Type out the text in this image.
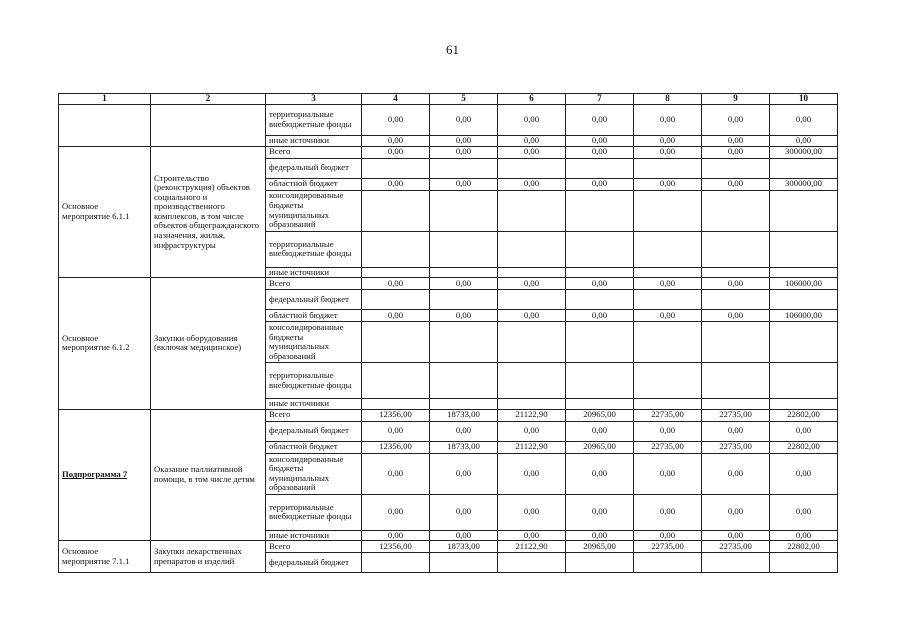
61
1	2	3	4	5	6	7	8	9	10
		территориальные внебюджетные фонды	0,00	0,00	0,00	0,00	0,00	0,00	0,00
		иные источники	0,00	0,00	0,00	0,00	0,00	0,00	0,00
Основное мероприятие 6.1.1	Строительство (реконструкция) объектов социального и производственного комплексов, в том числе объектов общегражданского назначения, жилья, инфраструктуры	Всего	0,00	0,00	0,00	0,00	0,00	0,00	300000,00
		федеральный бюджет							
		областной бюджет	0,00	0,00	0,00	0,00	0,00	0,00	300000,00
		консолидированные бюджеты муниципальных образований							
		территориальные внебюджетные фонды							
		иные источники							
Основное мероприятие 6.1.2	Закупки оборудования (включая медицинское)	Всего	0,00	0,00	0,00	0,00	0,00	0,00	106000,00
		федеральный бюджет							
		областной бюджет	0,00	0,00	0,00	0,00	0,00	0,00	106000,00
		консолидированные бюджеты муниципальных образований							
		территориальные внебюджетные фонды							
		иные источники							
Подпрограмма 7	Оказание паллиативной помощи, в том числе детям	Всего	12356,00	18733,00	21122,90	20965,00	22735,00	22735,00	22802,00
		федеральный бюджет	0,00	0,00	0,00	0,00	0,00	0,00	0,00
		областной бюджет	12356,00	18733,00	21122,90	20965,00	22735,00	22735,00	22802,00
		консолидированные бюджеты муниципальных образований	0,00	0,00	0,00	0,00	0,00	0,00	0,00
		территориальные внебюджетные фонды	0,00	0,00	0,00	0,00	0,00	0,00	0,00
		иные источники	0,00	0,00	0,00	0,00	0,00	0,00	0,00
Основное мероприятие 7.1.1	Закупки лекарственных препаратов и изделий	Всего	12356,00	18733,00	21122,90	20965,00	22735,00	22735,00	22802,00
		федеральный бюджет							
